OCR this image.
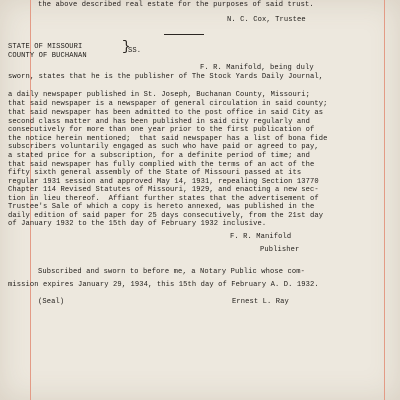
the above described real estate for the purposes of said trust.
N. C. Cox, Trustee
STATE OF MISSOURI
COUNTY OF BUCHANAN
}
SS.
F. R. Manifold, being duly
sworn, states that he is the publisher of The Stock Yards Daily Journal,
a daily newspaper published in St. Joseph, Buchanan County, Missouri;
that said newspaper is a newspaper of general circulation in said county;
that said newspaper has been admitted to the post office in said City as
second class matter and has been published in said city regularly and
consecutively for more than one year prior to the first publication of
the notice herein mentioned;  that said newspaper has a list of bona fide
subscribers voluntarily engaged as such who have paid or agreed to pay,
a stated price for a subscription, for a definite period of time; and
that said newspaper has fully complied with the terms of an act of the
fifty sixth general assembly of the State of Missouri passed at its
regular 1931 session and approved May 14, 1931, repealing Section 13770
Chapter 114 Revised Statutes of Missouri, 1929, and enacting a new sec-
tion in lieu thereof.  Affiant further states that the advertisement of
Trustee's Sale of which a copy is hereto annexed, was published in the
daily edition of said paper for 25 days consecutively, from the 21st day
of January 1932 to the 15th day of February 1932 inclusive.
F. R. Manifold
Publisher
Subscribed and sworn to before me, a Notary Public whose com-
mission expires January 29, 1934, this 15th day of February A. D. 1932.
(Seal)	Ernest L. Ray
